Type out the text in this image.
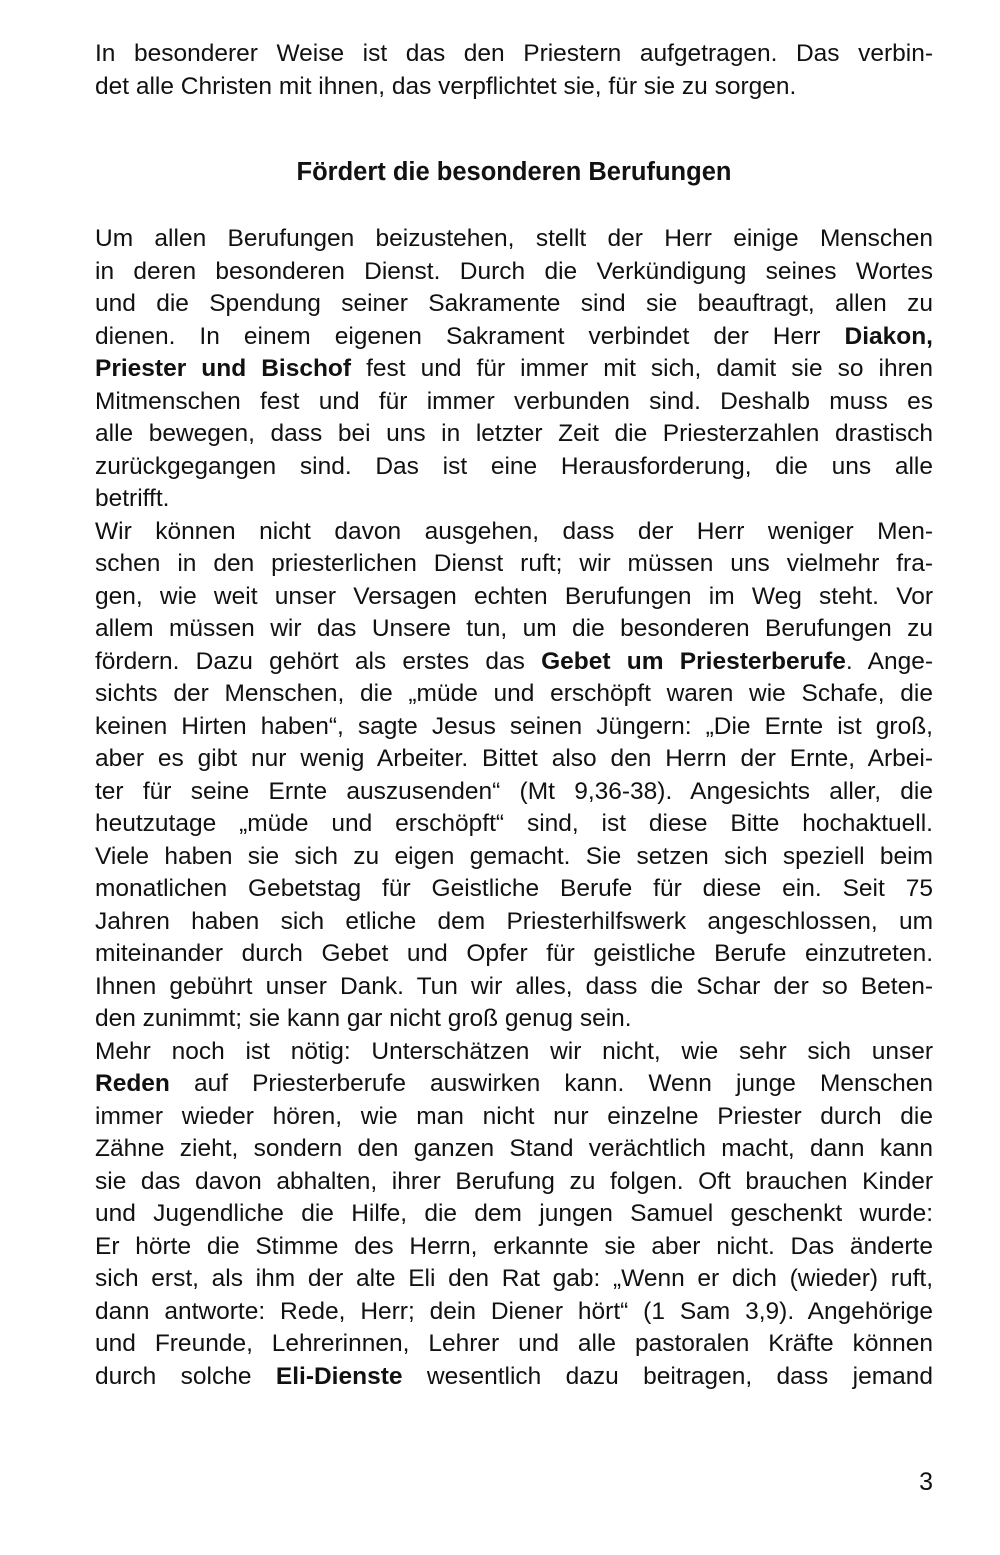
In besonderer Weise ist das den Priestern aufgetragen. Das verbin-
det alle Christen mit ihnen, das verpflichtet sie, für sie zu sorgen.
Fördert die besonderen Berufungen

Um allen Berufungen beizustehen, stellt der Herr einige Menschen
in deren besonderen Dienst. Durch die Verkündigung seines Wortes
und die Spendung seiner Sakramente sind sie beauftragt, allen zu
dienen. In einem eigenen Sakrament verbindet der Herr Diakon,
Priester und Bischof fest und für immer mit sich, damit sie so ihren
Mitmenschen fest und für immer verbunden sind. Deshalb muss es
alle bewegen, dass bei uns in letzter Zeit die Priesterzahlen drastisch
zurückgegangen sind. Das ist eine Herausforderung, die uns alle
betrifft.

Wir können nicht davon ausgehen, dass der Herr weniger Men-
schen in den priesterlichen Dienst ruft; wir müssen uns vielmehr fra-
gen, wie weit unser Versagen echten Berufungen im Weg steht. Vor
allem müssen wir das Unsere tun, um die besonderen Berufungen zu
fördern. Dazu gehört als erstes das Gebet um Priesterberufe. Ange-
sichts der Menschen, die „müde und erschöpft waren wie Schafe, die
keinen Hirten haben“, sagte Jesus seinen Jüngern: „Die Ernte ist groß,
aber es gibt nur wenig Arbeiter. Bittet also den Herrn der Ernte, Arbei-
ter für seine Ernte auszusenden“ (Mt 9,36-38). Angesichts aller, die
heutzutage „müde und erschöpft“ sind, ist diese Bitte hochaktuell.
Viele haben sie sich zu eigen gemacht. Sie setzen sich speziell beim
monatlichen Gebetstag für Geistliche Berufe für diese ein. Seit 75
Jahren haben sich etliche dem Priesterhilfswerk angeschlossen, um
miteinander durch Gebet und Opfer für geistliche Berufe einzutreten.
Ihnen gebührt unser Dank. Tun wir alles, dass die Schar der so Beten-
den zunimmt; sie kann gar nicht groß genug sein.

Mehr noch ist nötig: Unterschätzen wir nicht, wie sehr sich unser
Reden auf Priesterberufe auswirken kann. Wenn junge Menschen
immer wieder hören, wie man nicht nur einzelne Priester durch die
Zähne zieht, sondern den ganzen Stand verächtlich macht, dann kann
sie das davon abhalten, ihrer Berufung zu folgen. Oft brauchen Kinder
und Jugendliche die Hilfe, die dem jungen Samuel geschenkt wurde:
Er hörte die Stimme des Herrn, erkannte sie aber nicht. Das änderte
sich erst, als ihm der alte Eli den Rat gab: „Wenn er dich (wieder) ruft,
dann antworte: Rede, Herr; dein Diener hört“ (1 Sam 3,9). Angehörige
und Freunde, Lehrerinnen, Lehrer und alle pastoralen Kräfte können
durch solche Eli-Dienste wesentlich dazu beitragen, dass jemand

3
